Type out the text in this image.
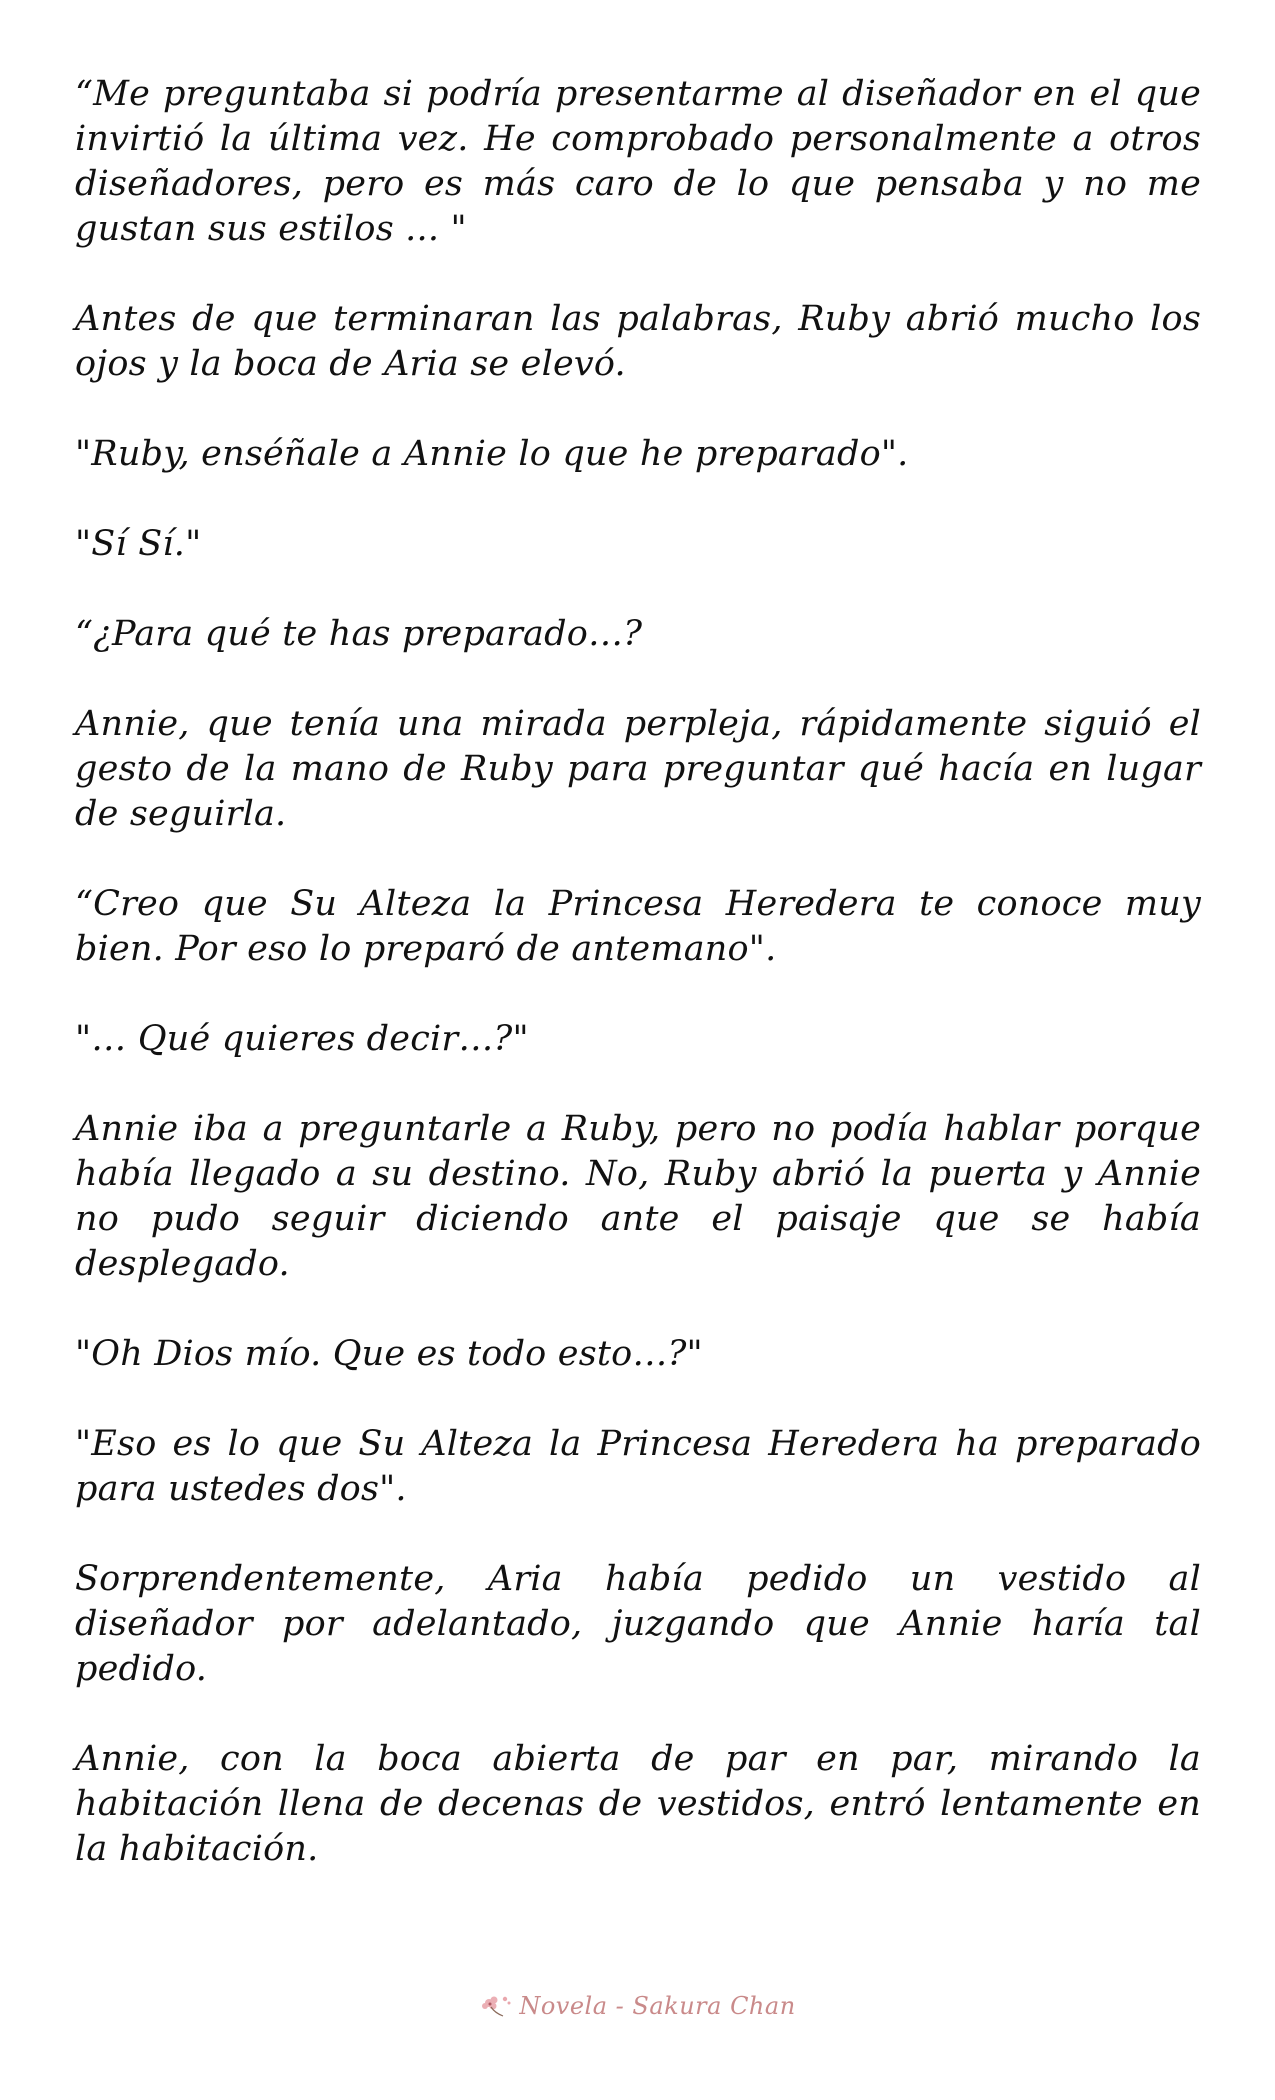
“Me preguntaba si podría presentarme al diseñador en el que invirtió la última vez. He comprobado personalmente a otros diseñadores, pero es más caro de lo que pensaba y no me gustan sus estilos ... "

Antes de que terminaran las palabras, Ruby abrió mucho los ojos y la boca de Aria se elevó.

"Ruby, enséñale a Annie lo que he preparado".

"Sí Sí."

“¿Para qué te has preparado…?

Annie, que tenía una mirada perpleja, rápidamente siguió el gesto de la mano de Ruby para preguntar qué hacía en lugar de seguirla.

“Creo que Su Alteza la Princesa Heredera te conoce muy bien. Por eso lo preparó de antemano".

"… Qué quieres decir…?"

Annie iba a preguntarle a Ruby, pero no podía hablar porque había llegado a su destino. No, Ruby abrió la puerta y Annie no pudo seguir diciendo ante el paisaje que se había desplegado.

"Oh Dios mío. Que es todo esto…?"

"Eso es lo que Su Alteza la Princesa Heredera ha preparado para ustedes dos".

Sorprendentemente, Aria había pedido un vestido al diseñador por adelantado, juzgando que Annie haría tal pedido.

Annie, con la boca abierta de par en par, mirando la habitación llena de decenas de vestidos, entró lentamente en la habitación.

Novela - Sakura Chan
